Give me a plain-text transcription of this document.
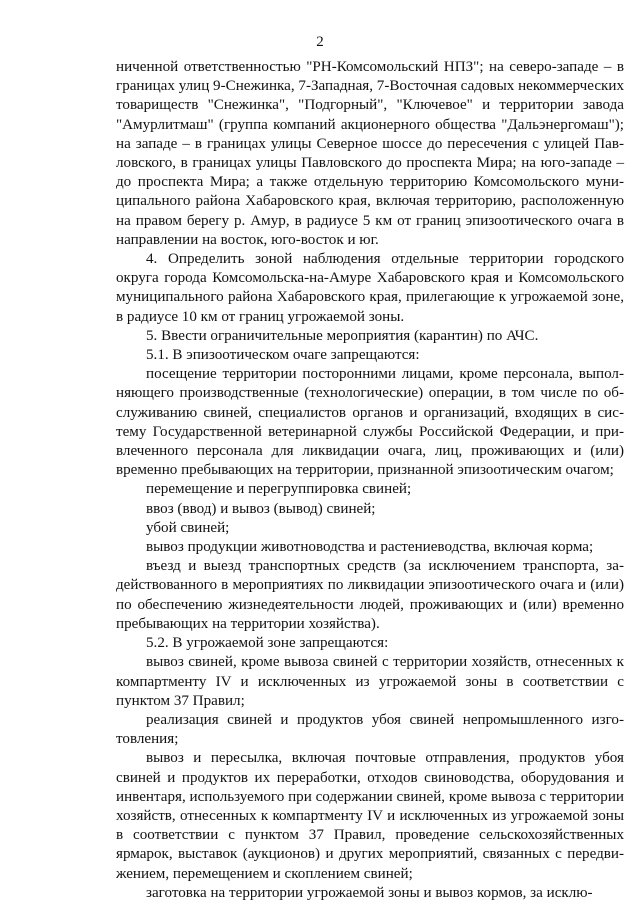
2

ниченной ответственностью "РН-Комсомольский НПЗ"; на северо-западе – в границах улиц 9-Снежинка, 7-Западная, 7-Восточная садовых некоммерческих товариществ "Снежинка", "Подгорный", "Ключевое" и территории завода "Амурлитмаш" (группа компаний акционерного общества "Дальэнергомаш"); на западе – в границах улицы Северное шоссе до пересечения с улицей Павловского, в границах улицы Павловского до проспекта Мира; на юго-западе – до проспекта Мира; а также отдельную территорию Комсомольского муниципального района Хабаровского края, включая территорию, расположенную на правом берегу р. Амур, в радиусе 5 км от границ эпизоотического очага в направлении на восток, юго-восток и юг.

4. Определить зоной наблюдения отдельные территории городского округа города Комсомольска-на-Амуре Хабаровского края и Комсомольского муниципального района Хабаровского края, прилегающие к угрожаемой зоне, в радиусе 10 км от границ угрожаемой зоны.

5. Ввести ограничительные мероприятия (карантин) по АЧС.

5.1. В эпизоотическом очаге запрещаются:

посещение территории посторонними лицами, кроме персонала, выполняющего производственные (технологические) операции, в том числе по обслуживанию свиней, специалистов органов и организаций, входящих в систему Государственной ветеринарной службы Российской Федерации, и привлеченного персонала для ликвидации очага, лиц, проживающих и (или) временно пребывающих на территории, признанной эпизоотическим очагом;

перемещение и перегруппировка свиней;

ввоз (ввод) и вывоз (вывод) свиней;

убой свиней;

вывоз продукции животноводства и растениеводства, включая корма;

въезд и выезд транспортных средств (за исключением транспорта, задействованного в мероприятиях по ликвидации эпизоотического очага и (или) по обеспечению жизнедеятельности людей, проживающих и (или) временно пребывающих на территории хозяйства).

5.2. В угрожаемой зоне запрещаются:

вывоз свиней, кроме вывоза свиней с территории хозяйств, отнесенных к компартменту IV и исключенных из угрожаемой зоны в соответствии с пунктом 37 Правил;

реализация свиней и продуктов убоя свиней непромышленного изготовления;

вывоз и пересылка, включая почтовые отправления, продуктов убоя свиней и продуктов их переработки, отходов свиноводства, оборудования и инвентаря, используемого при содержании свиней, кроме вывоза с территории хозяйств, отнесенных к компартменту IV и исключенных из угрожаемой зоны в соответствии с пунктом 37 Правил, проведение сельскохозяйственных ярмарок, выставок (аукционов) и других мероприятий, связанных с передвижением, перемещением и скоплением свиней;

заготовка на территории угрожаемой зоны и вывоз кормов, за исклю-
